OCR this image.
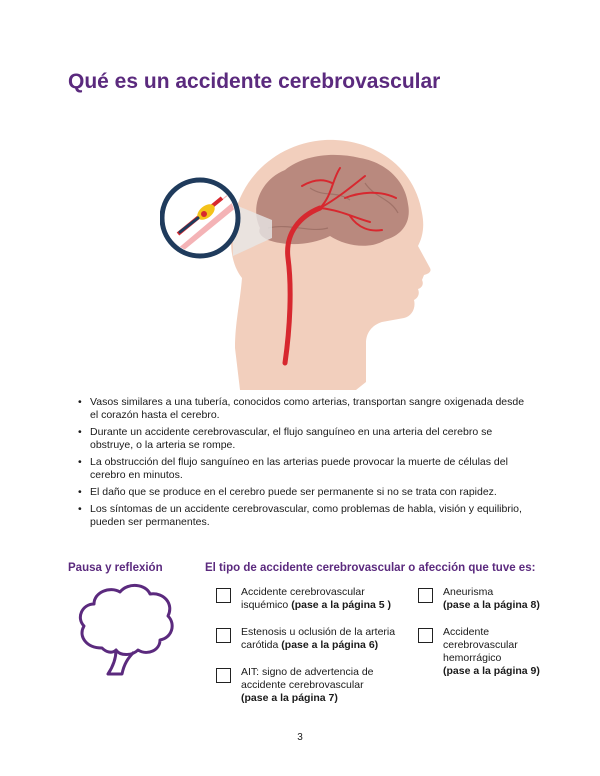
Qué es un accidente cerebrovascular
• Vasos similares a una tubería, conocidos como arterias, transportan sangre oxigenada desde el corazón hasta el cerebro.
• Durante un accidente cerebrovascular, el flujo sanguíneo en una arteria del cerebro se obstruye, o la arteria se rompe.
• La obstrucción del flujo sanguíneo en las arterias puede provocar la muerte de células del cerebro en minutos.
• El daño que se produce en el cerebro puede ser permanente si no se trata con rapidez.
• Los síntomas de un accidente cerebrovascular, como problemas de habla, visión y equilibrio, pueden ser permanentes.
Pausa y reflexión	El tipo de accidente cerebrovascular o afección que tuve es:
Accidente cerebrovascular isquémico (pase a la página 5 )
Estenosis u oclusión de la arteria carótida (pase a la página 6)
AIT: signo de advertencia de accidente cerebrovascular
(pase a la página 7)
Aneurisma
(pase a la página 8)
Accidente cerebrovascular hemorrágico
(pase a la página 9)
3
